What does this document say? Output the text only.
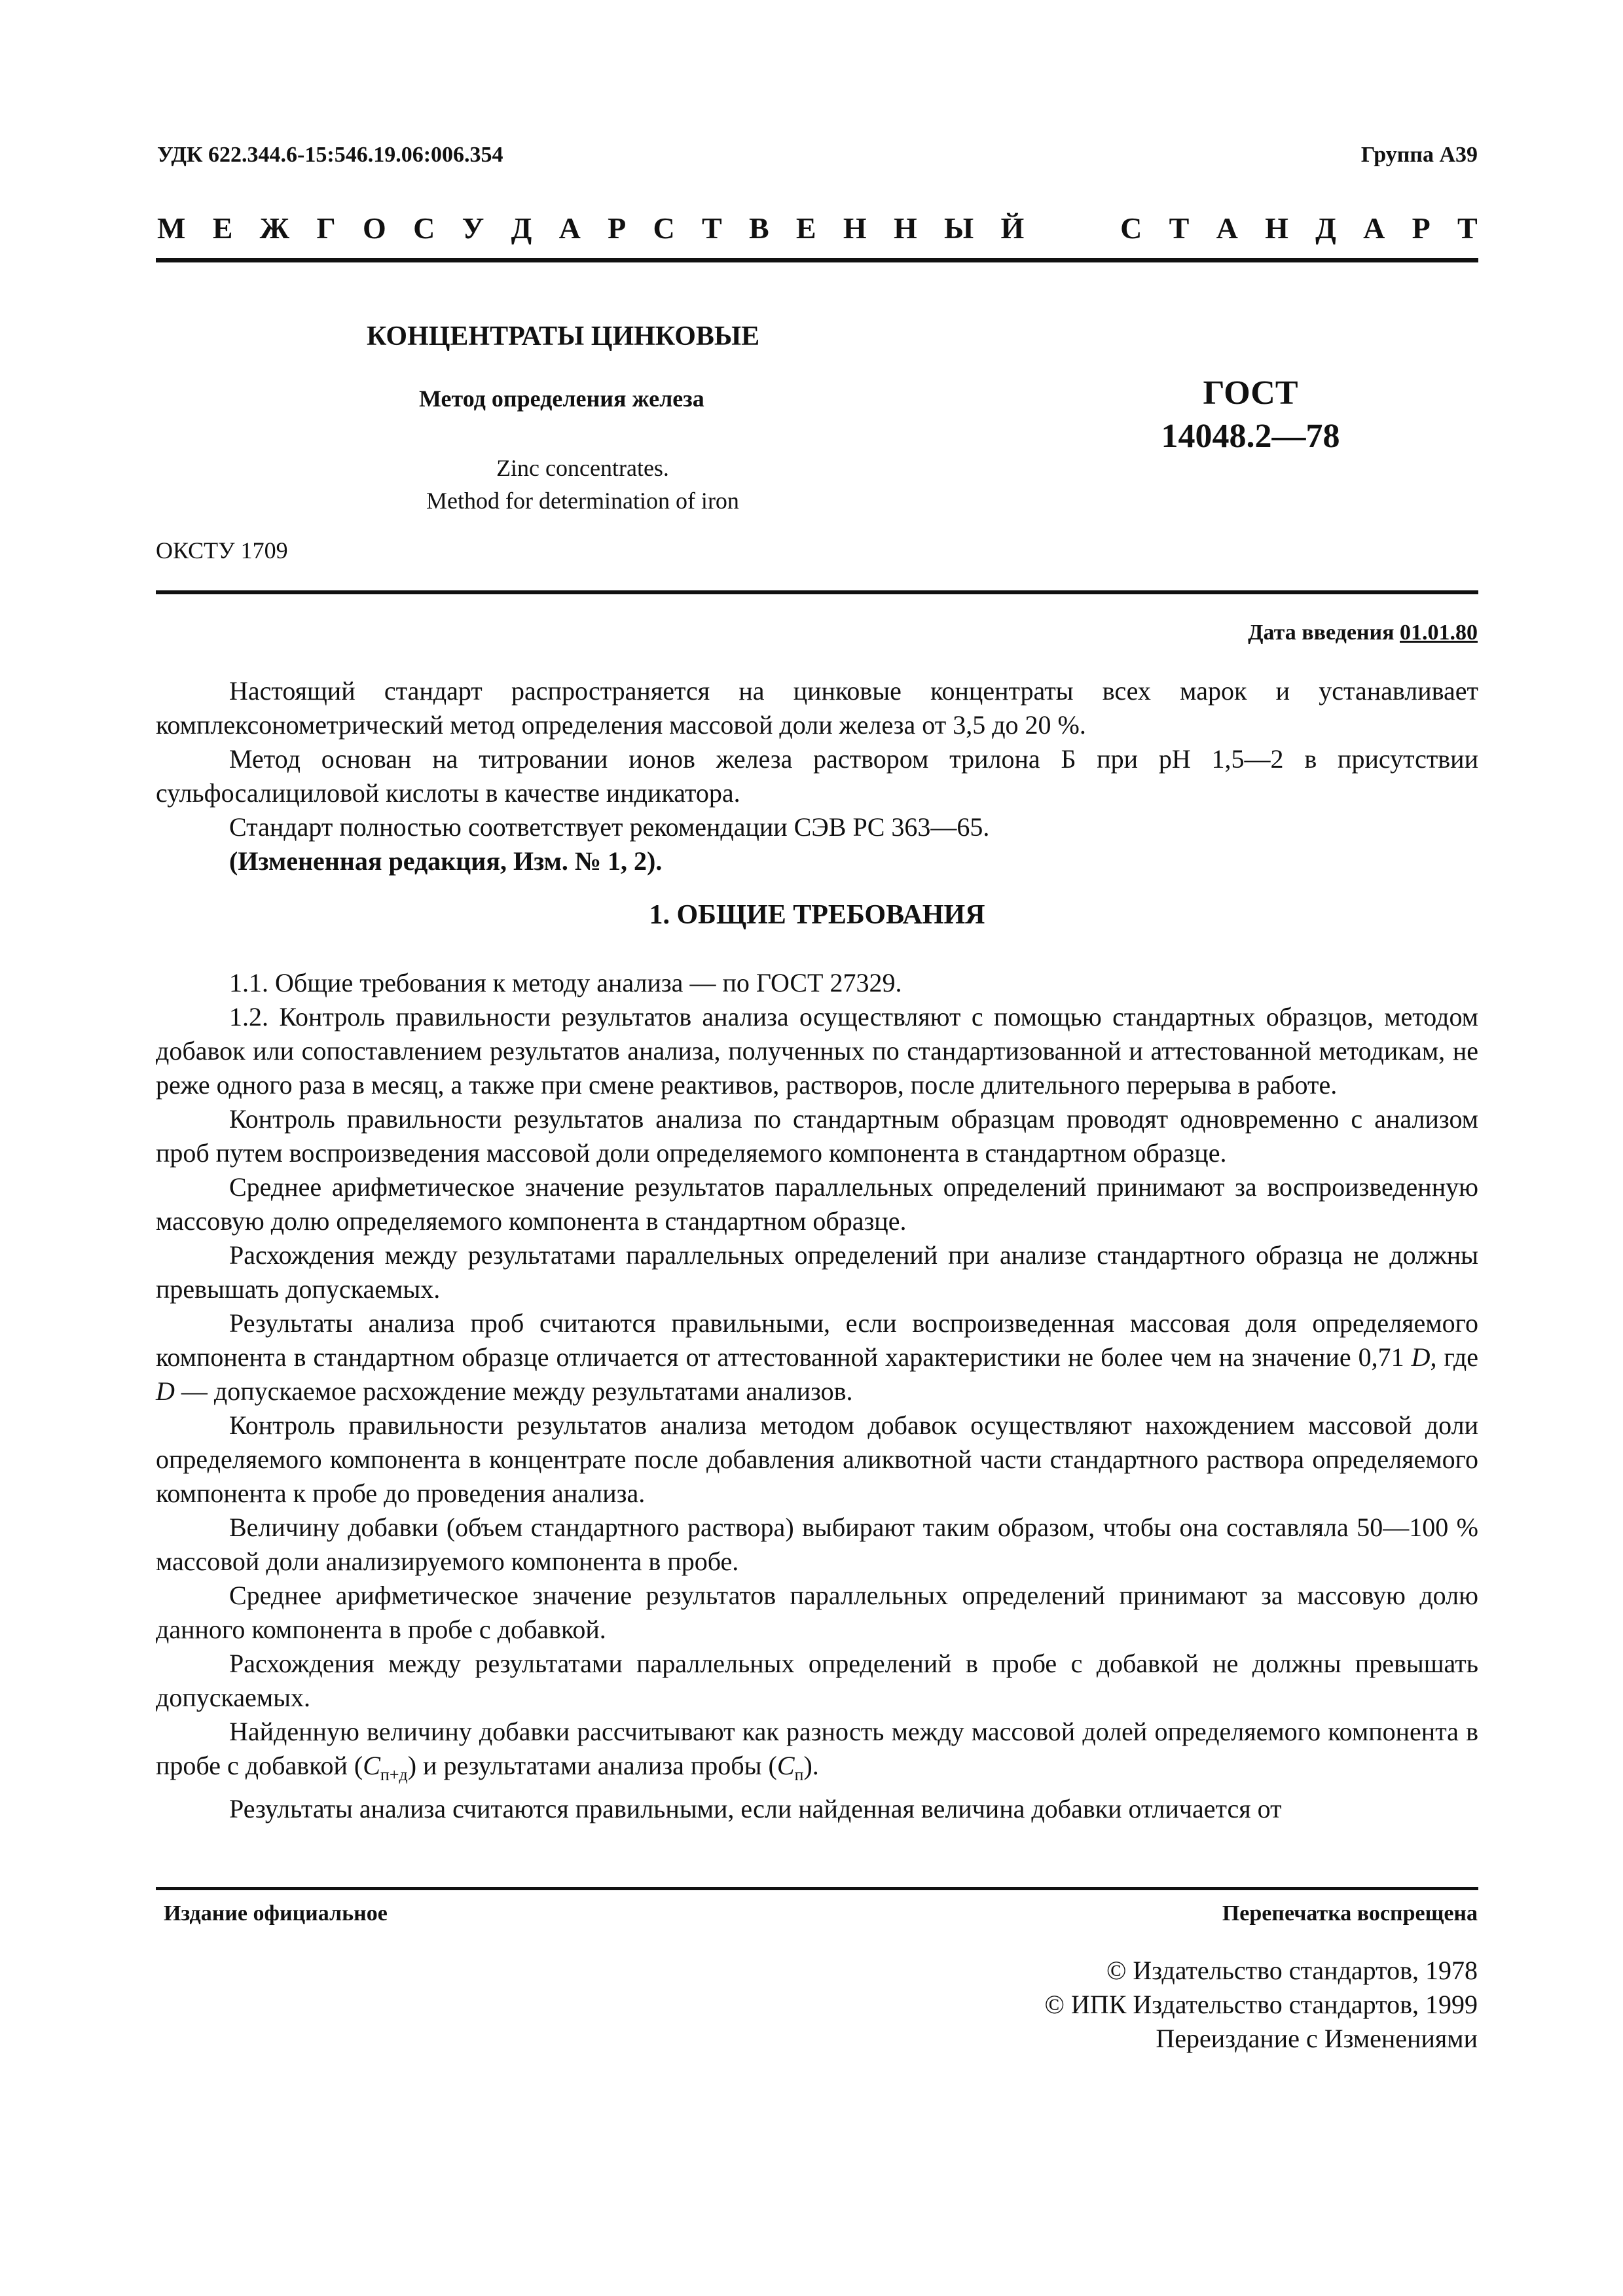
УДК 622.344.6-15:546.19.06:006.354	Группа А39
М Е Ж Г О С У Д А Р С Т В Е Н Н Ы Й

	С Т А Н Д А Р Т
КОНЦЕНТРАТЫ ЦИНКОВЫЕ
Метод определения железа
Zinc concentrates.
Method for determination of iron
ГОСТ
14048.2—78
ОКСТУ 1709
Дата введения 01.01.80

Настоящий стандарт распространяется на цинковые концентраты всех марок и устанавливает комплексонометрический метод определения массовой доли железа от 3,5 до 20 %.

Метод основан на титровании ионов железа раствором трилона Б при рН 1,5—2 в присутствии сульфосалициловой кислоты в качестве индикатора.

Стандарт полностью соответствует рекомендации СЭВ PC 363—65.

(Измененная редакция, Изм. № 1, 2).

1. ОБЩИЕ ТРЕБОВАНИЯ

1.1. Общие требования к методу анализа — по ГОСТ 27329.

1.2. Контроль правильности результатов анализа осуществляют с помощью стандартных образцов, методом добавок или сопоставлением результатов анализа, полученных по стандартизованной и аттестованной методикам, не реже одного раза в месяц, а также при смене реактивов, растворов, после длительного перерыва в работе.

Контроль правильности результатов анализа по стандартным образцам проводят одновременно с анализом проб путем воспроизведения массовой доли определяемого компонента в стандартном образце.

Среднее арифметическое значение результатов параллельных определений принимают за воспроизведенную массовую долю определяемого компонента в стандартном образце.

Расхождения между результатами параллельных определений при анализе стандартного образца не должны превышать допускаемых.

Результаты анализа проб считаются правильными, если воспроизведенная массовая доля определяемого компонента в стандартном образце отличается от аттестованной характеристики не более чем на значение 0,71 D, где D — допускаемое расхождение между результатами анализов.

Контроль правильности результатов анализа методом добавок осуществляют нахождением массовой доли определяемого компонента в концентрате после добавления аликвотной части стандартного раствора определяемого компонента к пробе до проведения анализа.

Величину добавки (объем стандартного раствора) выбирают таким образом, чтобы она составляла 50—100 % массовой доли анализируемого компонента в пробе.

Среднее арифметическое значение результатов параллельных определений принимают за массовую долю данного компонента в пробе с добавкой.

Расхождения между результатами параллельных определений в пробе с добавкой не должны превышать допускаемых.

Найденную величину добавки рассчитывают как разность между массовой долей определяемого компонента в пробе с добавкой $(C_{п+д})$ и результатами анализа пробы $(C_п)$.

Результаты анализа считаются правильными, если найденная величина добавки отличается от

Издание официальное	Перепечатка воспрещена
© Издательство стандартов, 1978
© ИПК Издательство стандартов, 1999
Переиздание с Изменениями
